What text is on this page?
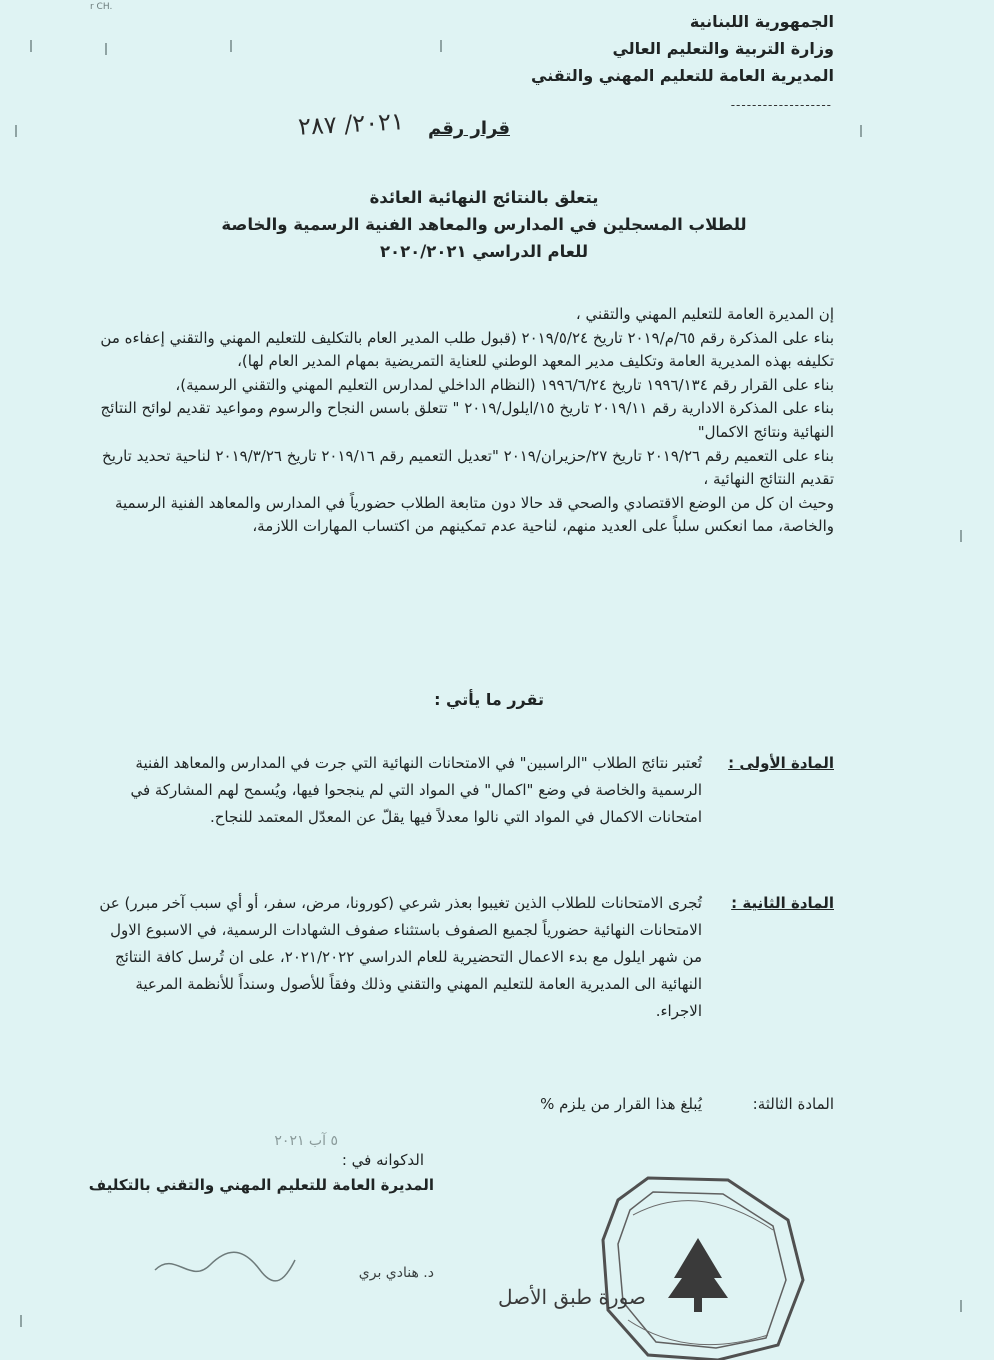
r CH.
الجمهورية اللبنانية
وزارة التربية والتعليم العالي
المديرية العامة للتعليم المهني والتقني
-------------------
قرار رقم
٢٠٢١/ ٢٨٧
يتعلق بالنتائج النهائية العائدة
للطلاب المسجلين في المدارس والمعاهد الفنية الرسمية والخاصة
للعام الدراسي ٢٠٢٠/٢٠٢١

إن المديرة العامة للتعليم المهني والتقني ،

بناء على المذكرة رقم ٦٥/م/٢٠١٩ تاريخ ٢٠١٩/٥/٢٤ (قبول طلب المدير العام بالتكليف للتعليم المهني والتقني إعفاءه من تكليفه بهذه المديرية العامة وتكليف مدير المعهد الوطني للعناية التمريضية بمهام المدير العام لها)،

بناء على القرار رقم ١٩٩٦/١٣٤ تاريخ ١٩٩٦/٦/٢٤ (النظام الداخلي لمدارس التعليم المهني والتقني الرسمية)،

بناء على المذكرة الادارية رقم ٢٠١٩/١١ تاريخ ١٥/ايلول/٢٠١٩ " تتعلق باسس النجاح والرسوم ومواعيد تقديم لوائح النتائج النهائية ونتائج الاكمال"

بناء على التعميم رقم ٢٠١٩/٢٦ تاريخ ٢٧/حزيران/٢٠١٩ "تعديل التعميم رقم ٢٠١٩/١٦ تاريخ ٢٠١٩/٣/٢٦ لناحية تحديد تاريخ تقديم النتائج النهائية ،

وحيث ان كل من الوضع الاقتصادي والصحي قد حالا دون متابعة الطلاب حضورياً في المدارس والمعاهد الفنية الرسمية والخاصة، مما انعكس سلباً على العديد منهم، لناحية عدم تمكينهم من اكتساب المهارات اللازمة،

تقرر ما يأتي :
المادة الأولى :
تُعتبر نتائج الطلاب "الراسبين" في الامتحانات النهائية التي جرت في المدارس والمعاهد الفنية الرسمية والخاصة في وضع "اكمال" في المواد التي لم ينجحوا فيها، ويُسمح لهم المشاركة في امتحانات الاكمال في المواد التي نالوا معدلاً فيها يقلّ عن المعدّل المعتمد للنجاح.
المادة الثانية :
تُجرى الامتحانات للطلاب الذين تغيبوا بعذر شرعي (كورونا، مرض، سفر، أو أي سبب آخر مبرر) عن الامتحانات النهائية حضورياً لجميع الصفوف باستثناء صفوف الشهادات الرسمية، في الاسبوع الاول من شهر ايلول مع بدء الاعمال التحضيرية للعام الدراسي ٢٠٢١/٢٠٢٢، على ان تُرسل كافة النتائج النهائية الى المديرية العامة للتعليم المهني والتقني وذلك وفقاً للأصول وسنداً للأنظمة المرعية الاجراء.
المادة الثالثة:
يُبلغ هذا القرار من يلزم %
الدكوانه في :
٥ آب ٢٠٢١
المديرة العامة للتعليم المهني والتقني بالتكليف
د. هنادي بري
صورة طبق الأصل
